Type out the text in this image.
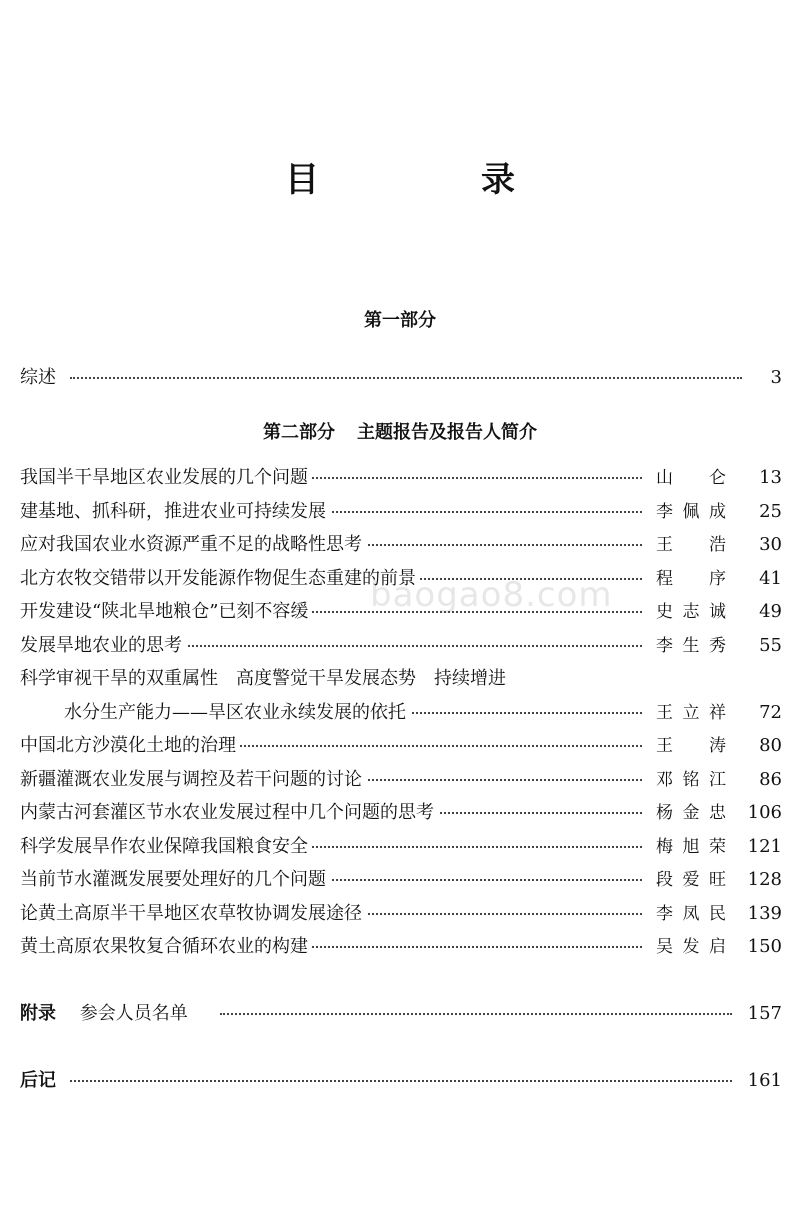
目　录
第一部分
综述	3
第二部分 主题报告及报告人简介
我国半干旱地区农业发展的几个问题	山仑 13
建基地、抓科研，推进农业可持续发展	李佩成 25
应对我国农业水资源严重不足的战略性思考	王浩 30
北方农牧交错带以开发能源作物促生态重建的前景	程序 41
开发建设“陕北旱地粮仓”已刻不容缓	史志诚 49
发展旱地农业的思考	李生秀 55
科学审视干旱的双重属性　高度警觉干旱发展态势　持续增进
水分生产能力——旱区农业永续发展的依托	王立祥 72
中国北方沙漠化土地的治理	王涛 80
新疆灌溉农业发展与调控及若干问题的讨论	邓铭江 86
内蒙古河套灌区节水农业发展过程中几个问题的思考	杨金忠 106
科学发展旱作农业保障我国粮食安全	梅旭荣 121
当前节水灌溉发展要处理好的几个问题	段爱旺 128
论黄土高原半干旱地区农草牧协调发展途径	李凤民 139
黄土高原农果牧复合循环农业的构建	吴发启 150
附录　 参会人员名单	157
后记	161
baogao8.com
